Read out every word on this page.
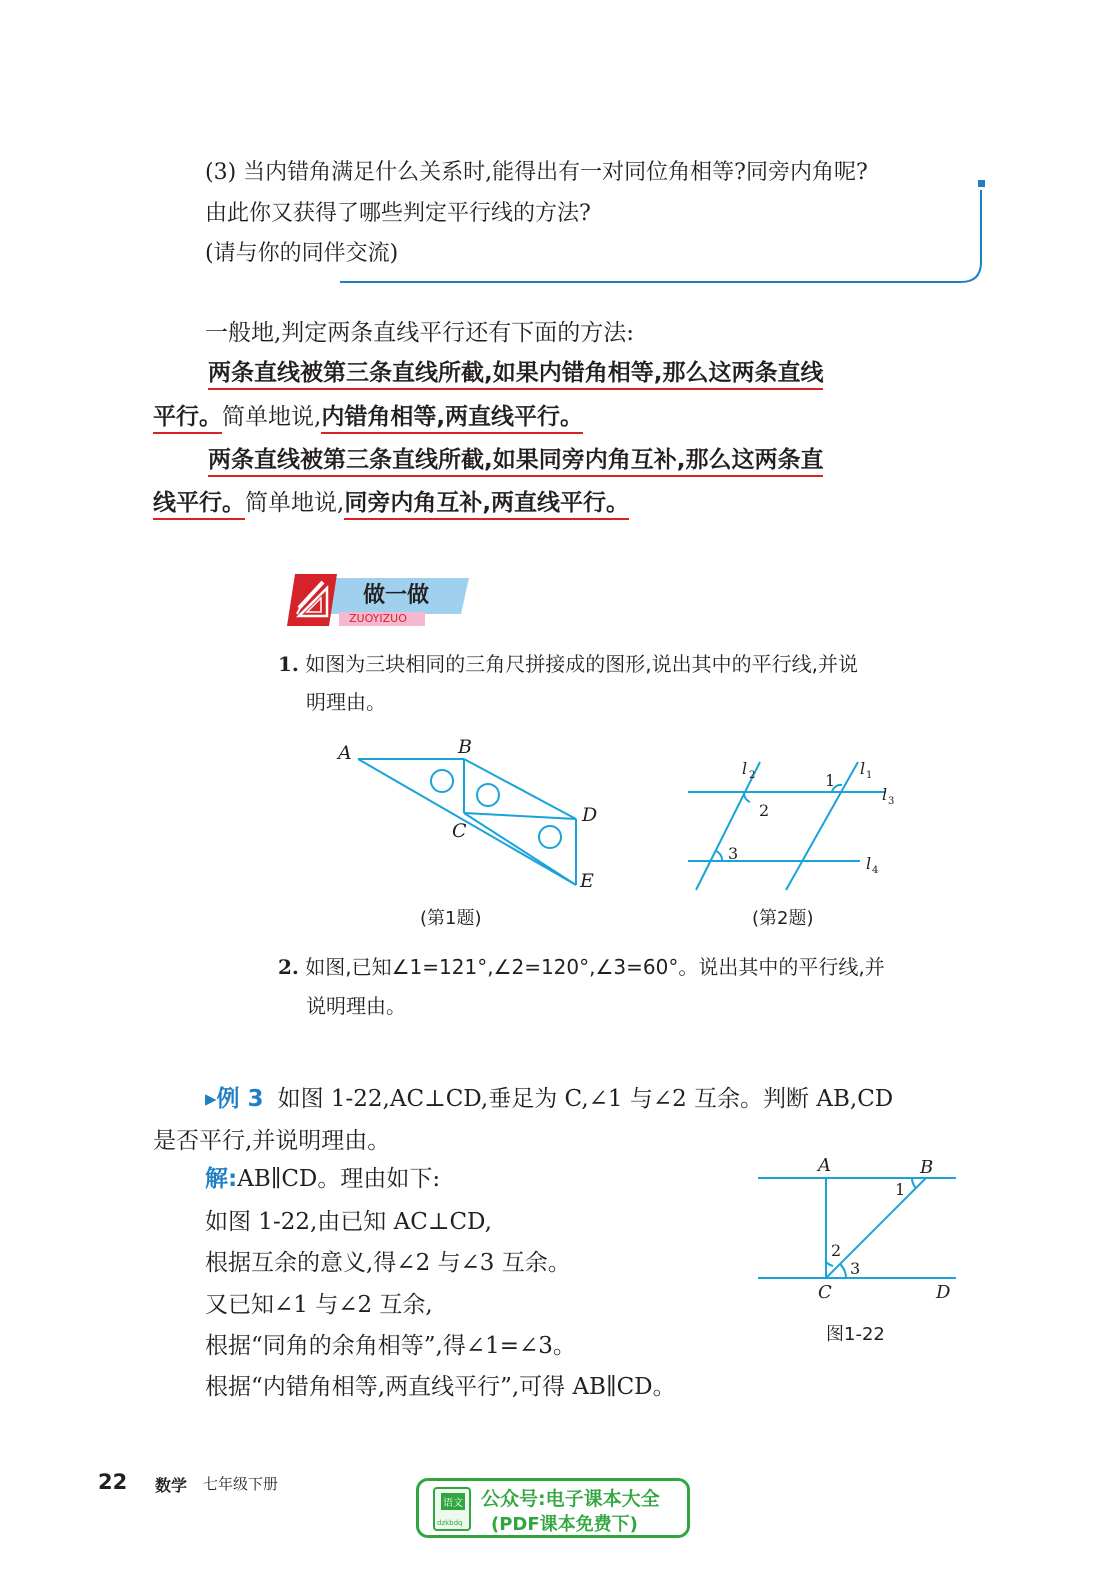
(3) 当内错角满足什么关系时,能得出有一对同位角相等?同旁内角呢?
由此你又获得了哪些判定平行线的方法?
(请与你的同伴交流)
一般地,判定两条直线平行还有下面的方法:
两条直线被第三条直线所截,如果内错角相等,那么这两条直线
平行。简单地说,内错角相等,两直线平行。
两条直线被第三条直线所截,如果同旁内角互补,那么这两条直
线平行。简单地说,同旁内角互补,两直线平行。
做一做
ZUOYIZUO
1. 如图为三块相同的三角尺拼接成的图形,说出其中的平行线,并说
明理由。
A	B
C
D
E
(第1题)
l 2	l 1
l 3
l 4
1
2
3
(第2题)
2. 如图,已知∠1=121°,∠2=120°,∠3=60°。说出其中的平行线,并
说明理由。
▸例 3 如图 1-22,AC⊥CD,垂足为 C,∠1 与∠2 互余。判断 AB,CD
是否平行,并说明理由。
解:AB∥CD。理由如下:
如图 1-22,由已知 AC⊥CD,
根据互余的意义,得∠2 与∠3 互余。
又已知∠1 与∠2 互余,
根据“同角的余角相等”,得∠1=∠3。
根据“内错角相等,两直线平行”,可得 AB∥CD。
A	B
C	D
1
2
3
图1-22
22 数学 七年级下册
语文
dzkbdq
公众号:电子课本大全
(PDF课本免费下)
